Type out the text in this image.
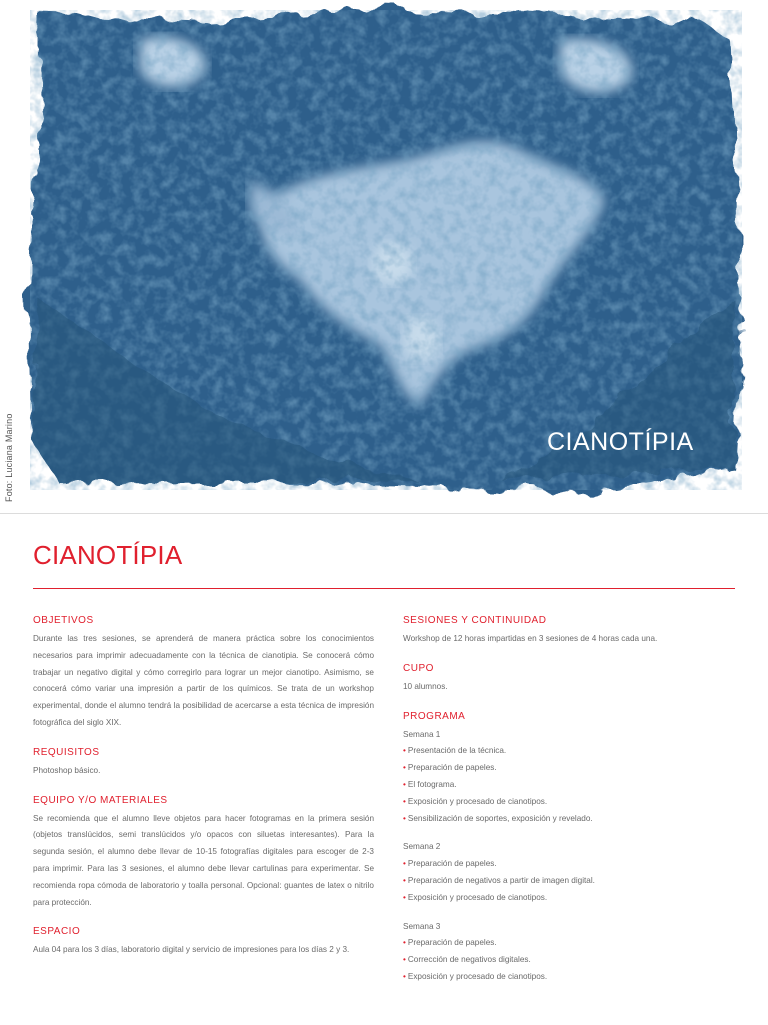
Foto: Luciana Marino	CIANOTÍPIA
CIANOTÍPIA
OBJETIVOS

Durante las tres sesiones, se aprenderá de manera práctica sobre los conocimientos necesarios para imprimir adecuadamente con la técnica de cianotipia. Se conocerá cómo trabajar un negativo digital y cómo corregirlo para lograr un mejor cianotipo. Asimismo, se conocerá cómo variar una impresión a partir de los químicos. Se trata de un workshop experimental, donde el alumno tendrá la posibilidad de acercarse a esta técnica de impresión fotográfica del siglo XIX.

REQUISITOS

Photoshop básico.

EQUIPO Y/O MATERIALES

Se recomienda que el alumno lleve objetos para hacer fotogramas en la primera sesión (objetos translúcidos, semi translúcidos y/o opacos con siluetas interesantes). Para la segunda sesión, el alumno debe llevar de 10-15 fotografías digitales para escoger de 2-3 para imprimir. Para las 3 sesiones, el alumno debe llevar cartulinas para experimentar. Se recomienda ropa cómoda de laboratorio y toalla personal. Opcional: guantes de latex o nitrilo para protección.

ESPACIO

Aula 04 para los 3 días, laboratorio digital y servicio de impresiones para los días 2 y 3.

SESIONES Y CONTINUIDAD

Workshop de 12 horas impartidas en 3 sesiones de 4 horas cada una.

CUPO

10 alumnos.

PROGRAMA

Semana 1

• Presentación de la técnica.
• Preparación de papeles.
• El fotograma.
• Exposición y procesado de cianotipos.
• Sensibilización de soportes, exposición y revelado.

Semana 2

• Preparación de papeles.
• Preparación de negativos a partir de imagen digital.
• Exposición y procesado de cianotipos.

Semana 3

• Preparación de papeles.
• Corrección de negativos digitales.
• Exposición y procesado de cianotipos.
